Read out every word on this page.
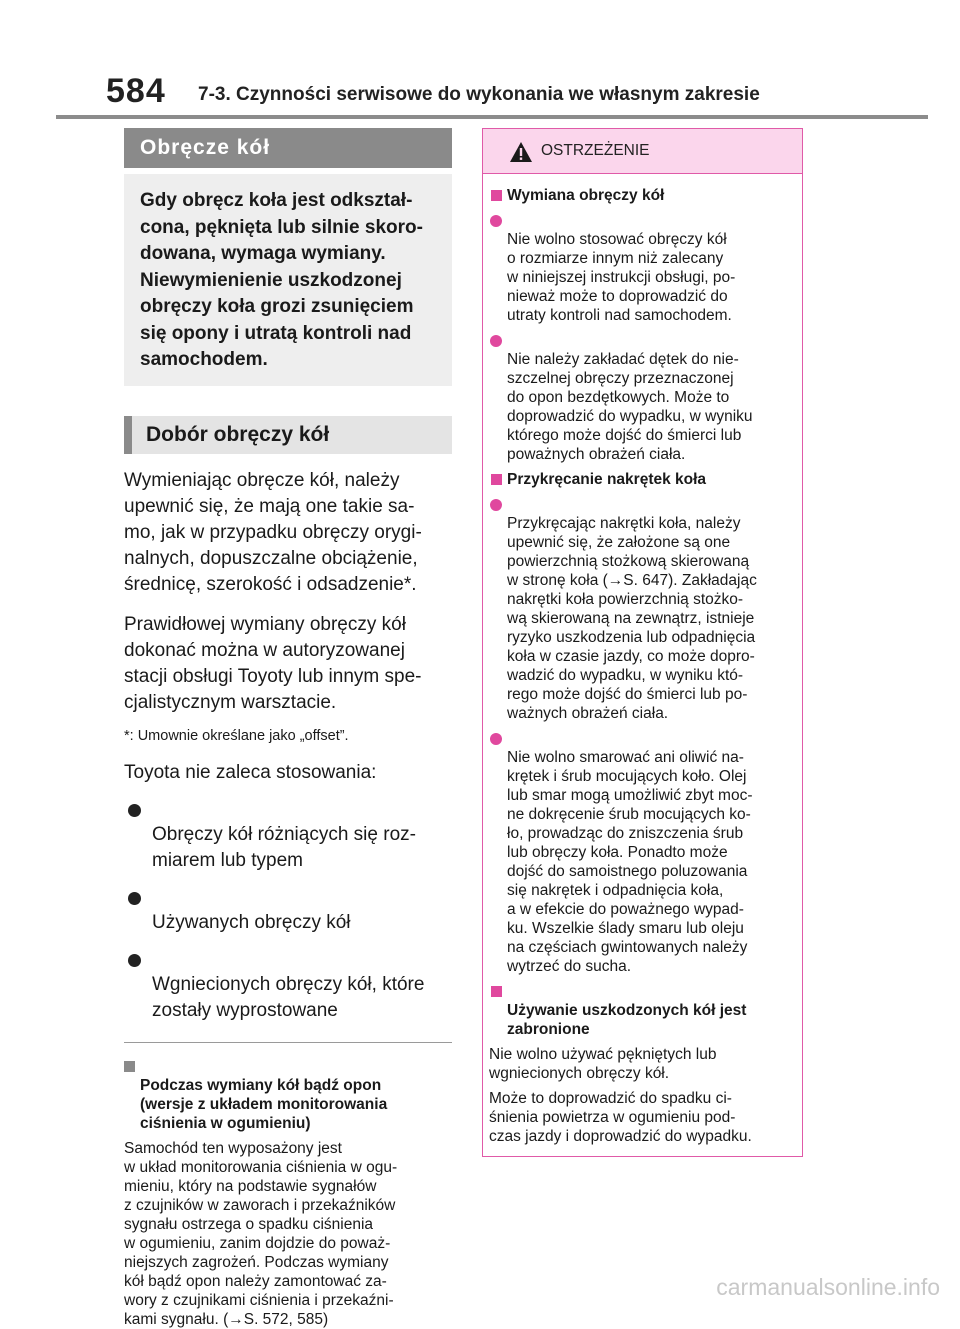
584 7-3. Czynności serwisowe do wykonania we własnym zakresie
Obręcze kół
Gdy obręcz koła jest odkształ-
cona, pęknięta lub silnie skoro-
dowana, wymaga wymiany.
Niewymienienie uszkodzonej
obręczy koła grozi zsunięciem
się opony i utratą kontroli nad
samochodem.
Dobór obręczy kół
Wymieniając obręcze kół, należy
upewnić się, że mają one takie sa-
mo, jak w przypadku obręczy orygi-
nalnych, dopuszczalne obciążenie,
średnicę, szerokość i odsadzenie*.
Prawidłowej wymiany obręczy kół
dokonać można w autoryzowanej
stacji obsługi Toyoty lub innym spe-
cjalistycznym warsztacie.
*: Umownie określane jako „offset”.
Toyota nie zaleca stosowania:

Obręczy kół różniących się roz-
miarem lub typem

Używanych obręczy kół

Wgniecionych obręczy kół, które
zostały wyprostowane

Podczas wymiany kół bądź opon
(wersje z układem monitorowania
ciśnienia w ogumieniu)

Samochód ten wyposażony jest
w układ monitorowania ciśnienia w ogu-
mieniu, który na podstawie sygnałów
z czujników w zaworach i przekaźników
sygnału ostrzega o spadku ciśnienia
w ogumieniu, zanim dojdzie do poważ-
niejszych zagrożeń. Podczas wymiany
kół bądź opon należy zamontować za-
wory z czujnikami ciśnienia i przekaźni-
kami sygnału. (→S. 572, 585)
OSTRZEŻENIE
Wymiana obręczy kół

Nie wolno stosować obręczy kół
o rozmiarze innym niż zalecany
w niniejszej instrukcji obsługi, po-
nieważ może to doprowadzić do
utraty kontroli nad samochodem.

Nie należy zakładać dętek do nie-
szczelnej obręczy przeznaczonej
do opon bezdętkowych. Może to
doprowadzić do wypadku, w wyniku
którego może dojść do śmierci lub
poważnych obrażeń ciała.

Przykręcanie nakrętek koła

Przykręcając nakrętki koła, należy
upewnić się, że założone są one
powierzchnią stożkową skierowaną
w stronę koła (→S. 647). Zakładając
nakrętki koła powierzchnią stożko-
wą skierowaną na zewnątrz, istnieje
ryzyko uszkodzenia lub odpadnięcia
koła w czasie jazdy, co może dopro-
wadzić do wypadku, w wyniku któ-
rego może dojść do śmierci lub po-
ważnych obrażeń ciała.

Nie wolno smarować ani oliwić na-
krętek i śrub mocujących koło. Olej
lub smar mogą umożliwić zbyt moc-
ne dokręcenie śrub mocujących ko-
ło, prowadząc do zniszczenia śrub
lub obręczy koła. Ponadto może
dojść do samoistnego poluzowania
się nakrętek i odpadnięcia koła,
a w efekcie do poważnego wypad-
ku. Wszelkie ślady smaru lub oleju
na częściach gwintowanych należy
wytrzeć do sucha.

Używanie uszkodzonych kół jest
zabronione

Nie wolno używać pękniętych lub
wgniecionych obręczy kół.
Może to doprowadzić do spadku ci-
śnienia powietrza w ogumieniu pod-
czas jazdy i doprowadzić do wypadku.
carmanualsonline.info
